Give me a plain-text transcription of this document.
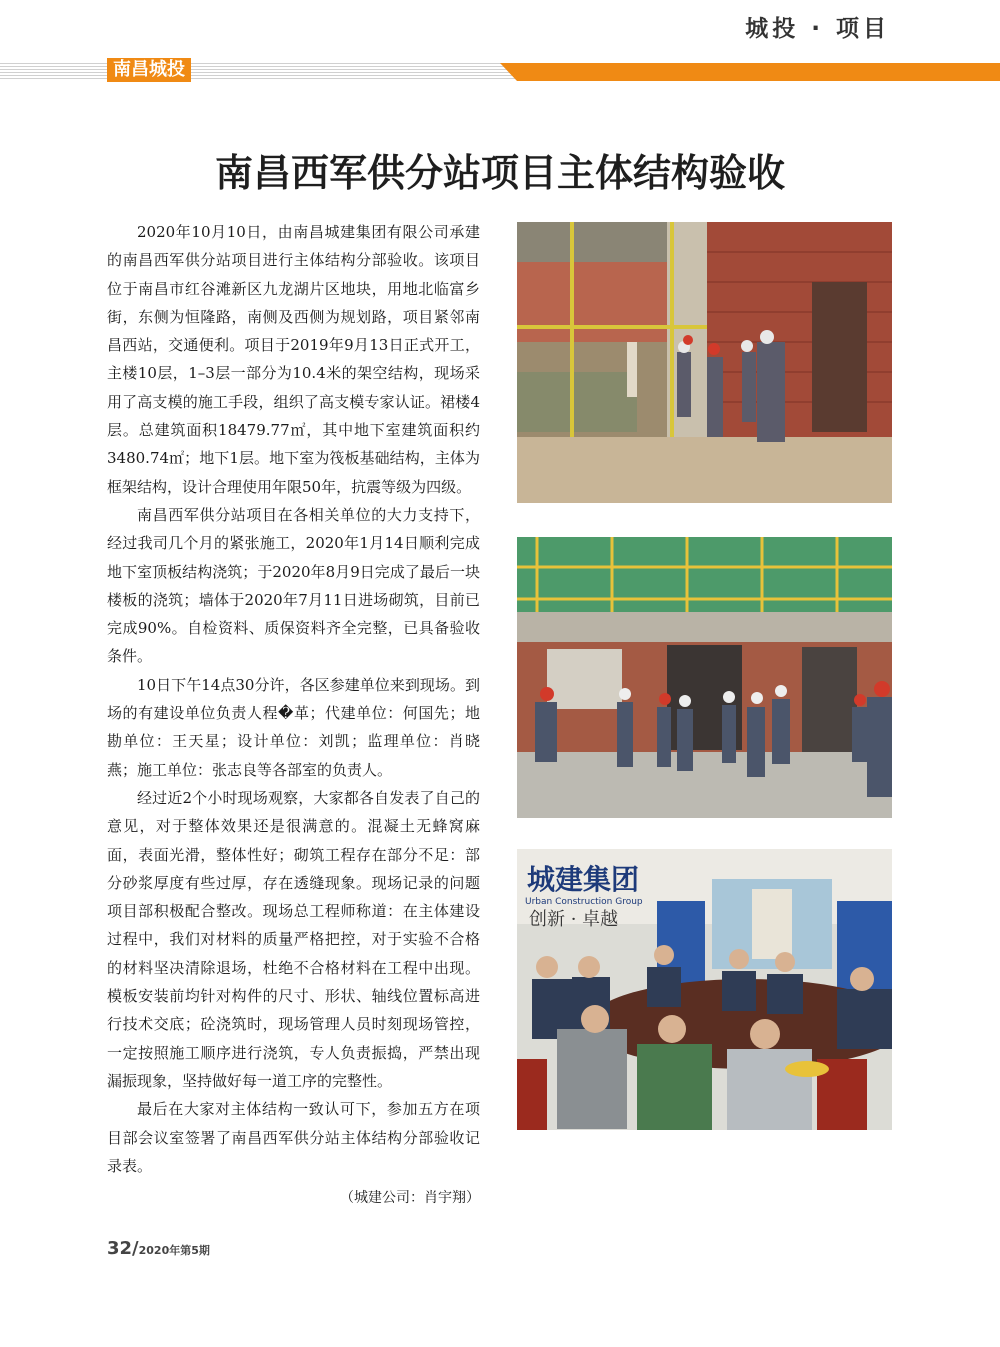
城投 · 项目
南昌城投
南昌西军供分站项目主体结构验收

2020年10月10日，由南昌城建集团有限公司承建的南昌西军供分站项目进行主体结构分部验收。该项目位于南昌市红谷滩新区九龙湖片区地块，用地北临富乡街，东侧为恒隆路，南侧及西侧为规划路，项目紧邻南昌西站，交通便利。项目于2019年9月13日正式开工，主楼10层，1–3层一部分为10.4米的架空结构，现场采用了高支模的施工手段，组织了高支模专家认证。裙楼4层。总建筑面积18479.77㎡，其中地下室建筑面积约3480.74㎡；地下1层。地下室为筏板基础结构，主体为框架结构，设计合理使用年限50年，抗震等级为四级。

南昌西军供分站项目在各相关单位的大力支持下，经过我司几个月的紧张施工，2020年1月14日顺利完成地下室顶板结构浇筑；于2020年8月9日完成了最后一块楼板的浇筑；墙体于2020年7月11日进场砌筑，目前已完成90%。自检资料、质保资料齐全完整，已具备验收条件。

10日下午14点30分许，各区参建单位来到现场。到场的有建设单位负责人程�革；代建单位：何国先；地勘单位：王天星；设计单位：刘凯；监理单位：肖晓燕；施工单位：张志良等各部室的负责人。

经过近2个小时现场观察，大家都各自发表了自己的意见，对于整体效果还是很满意的。混凝土无蜂窝麻面，表面光滑，整体性好；砌筑工程存在部分不足：部分砂浆厚度有些过厚，存在透缝现象。现场记录的问题项目部积极配合整改。现场总工程师称道：在主体建设过程中，我们对材料的质量严格把控，对于实验不合格的材料坚决清除退场，杜绝不合格材料在工程中出现。模板安装前均针对构件的尺寸、形状、轴线位置标高进行技术交底；砼浇筑时，现场管理人员时刻现场管控，一定按照施工顺序进行浇筑，专人负责振捣，严禁出现漏振现象，坚持做好每一道工序的完整性。

最后在大家对主体结构一致认可下，参加五方在项目部会议室签署了南昌西军供分站主体结构分部验收记录表。

（城建公司：肖宇翔）
城建集团
Urban Construction Group
创新 · 卓越
32/2020年第5期
